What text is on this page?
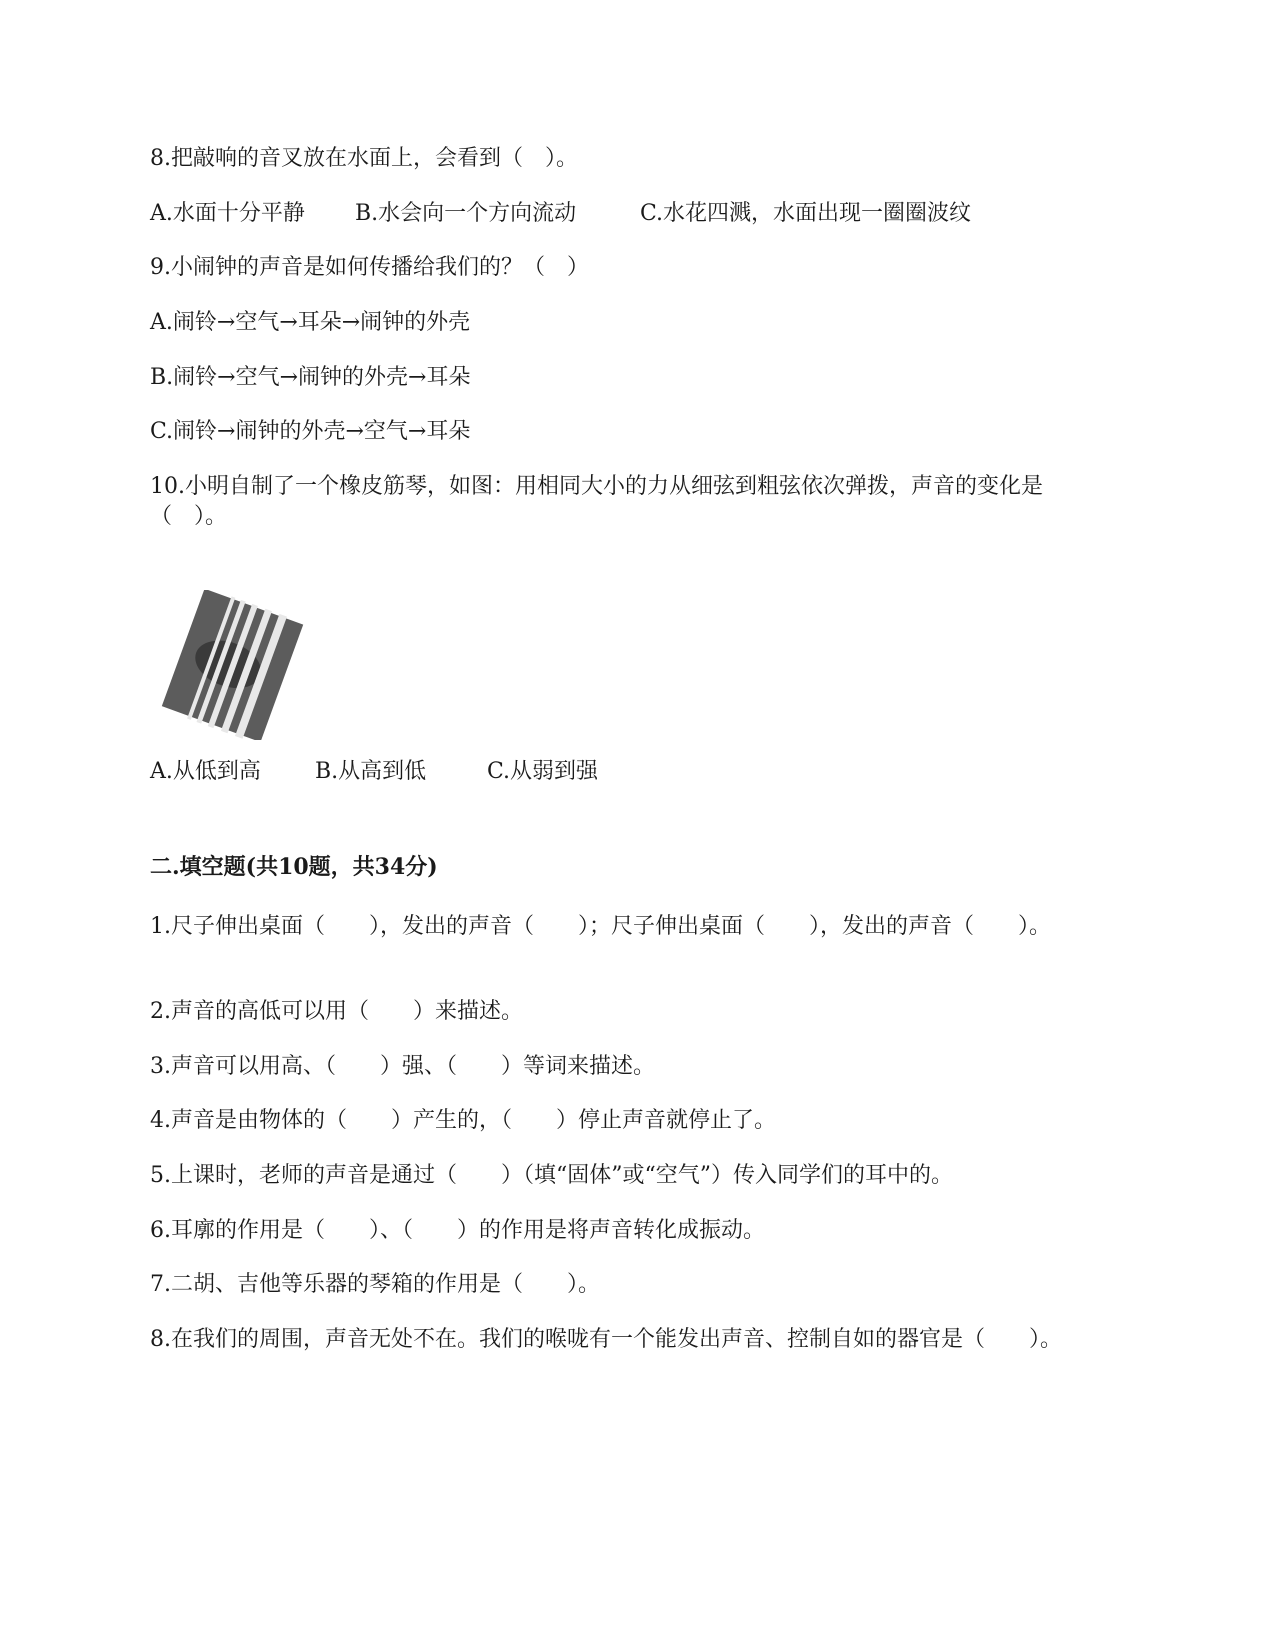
8.把敲响的音叉放在水面上，会看到（　）。
A.水面十分平静 B.水会向一个方向流动	C.水花四溅，水面出现一圈圈波纹
9.小闹钟的声音是如何传播给我们的？（　）
A.闹铃→空气→耳朵→闹钟的外壳
B.闹铃→空气→闹钟的外壳→耳朵
C.闹铃→闹钟的外壳→空气→耳朵
10.小明自制了一个橡皮筋琴，如图：用相同大小的力从细弦到粗弦依次弹拨，声音的变化是（　）。
A.从低到高 B.从高到低	C.从弱到强
二.填空题(共10题，共34分)
1.尺子伸出桌面（　　），发出的声音（　　）；尺子伸出桌面（　　），发出的声音（　　）。
2.声音的高低可以用（　　）来描述。
3.声音可以用高、（　　）强、（　　）等词来描述。
4.声音是由物体的（　　）产生的，（　　）停止声音就停止了。
5.上课时，老师的声音是通过（　　）（填“固体”或“空气”）传入同学们的耳中的。
6.耳廓的作用是（　　）、（　　）的作用是将声音转化成振动。
7.二胡、吉他等乐器的琴箱的作用是（　　）。
8.在我们的周围，声音无处不在。我们的喉咙有一个能发出声音、控制自如的器官是（　　）。
